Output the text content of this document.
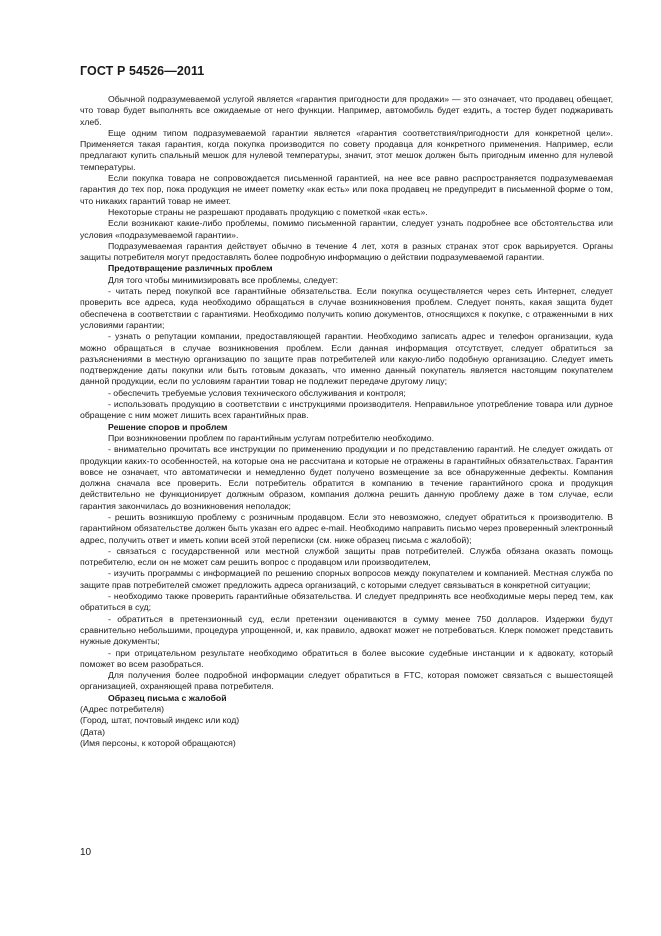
ГОСТ Р 54526—2011

Обычной подразумеваемой услугой является «гарантия пригодности для продажи» — это означает, что продавец обещает, что товар будет выполнять все ожидаемые от него функции. Например, автомобиль будет ездить, а тостер будет поджаривать хлеб.

Еще одним типом подразумеваемой гарантии является «гарантия соответствия/пригодности для конкретной цели». Применяется такая гарантия, когда покупка производится по совету продавца для конкретного применения. Например, если предлагают купить спальный мешок для нулевой температуры, значит, этот мешок должен быть пригодным именно для нулевой температуры.

Если покупка товара не сопровождается письменной гарантией, на нее все равно распространяется подразумеваемая гарантия до тех пор, пока продукция не имеет пометку «как есть» или пока продавец не предупредит в письменной форме о том, что никаких гарантий товар не имеет.

Некоторые страны не разрешают продавать продукцию с пометкой «как есть».

Если возникают какие-либо проблемы, помимо письменной гарантии, следует узнать подробнее все обстоятельства или условия «подразумеваемой гарантии».

Подразумеваемая гарантия действует обычно в течение 4 лет, хотя в разных странах этот срок варьируется. Органы защиты потребителя могут предоставлять более подробную информацию о действии подразумеваемой гарантии.

Предотвращение различных проблем

Для того чтобы минимизировать все проблемы, следует:

- читать перед покупкой все гарантийные обязательства. Если покупка осуществляется через сеть Интернет, следует проверить все адреса, куда необходимо обращаться в случае возникновения проблем. Следует понять, какая защита будет обеспечена в соответствии с гарантиями. Необходимо получить копию документов, относящихся к покупке, с отраженными в них условиями гарантии;

- узнать о репутации компании, предоставляющей гарантии. Необходимо записать адрес и телефон организации, куда можно обращаться в случае возникновения проблем. Если данная информация отсутствует, следует обратиться за разъяснениями в местную организацию по защите прав потребителей или какую-либо подобную организацию. Следует иметь подтверждение даты покупки или быть готовым доказать, что именно данный покупатель является настоящим покупателем данной продукции, если по условиям гарантии товар не подлежит передаче другому лицу;

- обеспечить требуемые условия технического обслуживания и контроля;

- использовать продукцию в соответствии с инструкциями производителя. Неправильное употребление товара или дурное обращение с ним может лишить всех гарантийных прав.

Решение споров и проблем

При возникновении проблем по гарантийным услугам потребителю необходимо.

- внимательно прочитать все инструкции по применению продукции и по представлению гарантий. Не следует ожидать от продукции каких-то особенностей, на которые она не рассчитана и которые не отражены в гарантийных обязательствах. Гарантия вовсе не означает, что автоматически и немедленно будет получено возмещение за все обнаруженные дефекты. Компания должна сначала все проверить. Если потребитель обратится в компанию в течение гарантийного срока и продукция действительно не функционирует должным образом, компания должна решить данную проблему даже в том случае, если гарантия закончилась до возникновения неполадок;

- решить возникшую проблему с розничным продавцом. Если это невозможно, следует обратиться к производителю. В гарантийном обязательстве должен быть указан его адрес e-mail. Необходимо направить письмо через проверенный электронный адрес, получить ответ и иметь копии всей этой переписки (см. ниже образец письма с жалобой);

- связаться с государственной или местной службой защиты прав потребителей. Служба обязана оказать помощь потребителю, если он не может сам решить вопрос с продавцом или производителем,

- изучить программы с информацией по решению спорных вопросов между покупателем и компанией. Местная служба по защите прав потребителей сможет предложить адреса организаций, с которыми следует связываться в конкретной ситуации;

- необходимо также проверить гарантийные обязательства. И следует предпринять все необходимые меры перед тем, как обратиться в суд;

- обратиться в претензионный суд, если претензии оцениваются в сумму менее 750 долларов. Издержки будут сравнительно небольшими, процедура упрощенной, и, как правило, адвокат может не потребоваться. Клерк поможет представить нужные документы;

- при отрицательном результате необходимо обратиться в более высокие судебные инстанции и к адвокату, который поможет во всем разобраться.

Для получения более подробной информации следует обратиться в FTC, которая поможет связаться с вышестоящей организацией, охраняющей права потребителя.

Образец письма с жалобой

(Адрес потребителя)

(Город, штат, почтовый индекс или код)

(Дата)

(Имя персоны, к которой обращаются)

10
